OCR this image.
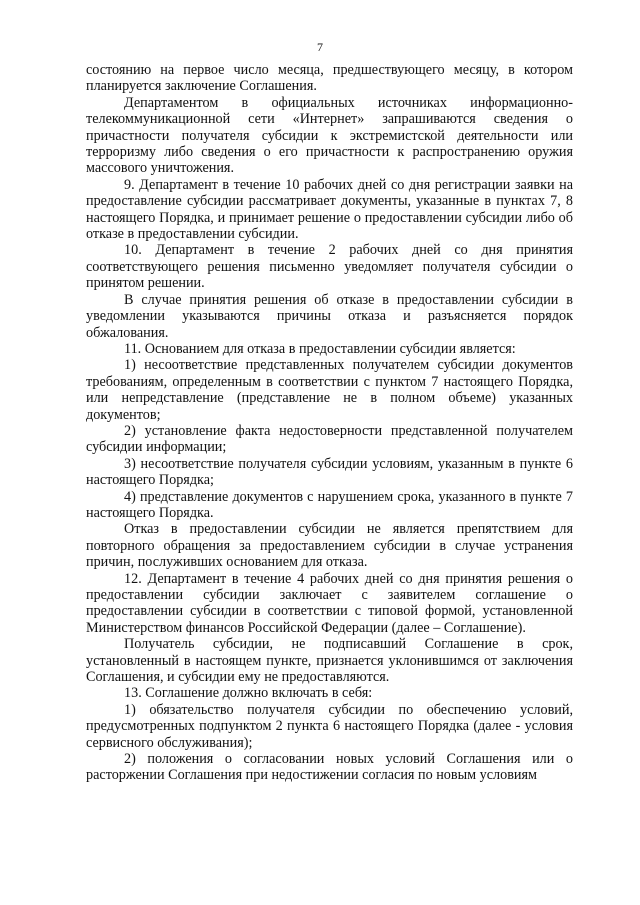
7

состоянию на первое число месяца, предшествующего месяцу, в котором планируется заключение Соглашения.

Департаментом в официальных источниках информационно-телекоммуникационной сети «Интернет» запрашиваются сведения о причастности получателя субсидии к экстремистской деятельности или терроризму либо сведения о его причастности к распространению оружия массового уничтожения.

9. Департамент в течение 10 рабочих дней со дня регистрации заявки на предоставление субсидии рассматривает документы, указанные в пунктах 7, 8 настоящего Порядка, и принимает решение о предоставлении субсидии либо об отказе в предоставлении субсидии.

10. Департамент в течение 2 рабочих дней со дня принятия соответствующего решения письменно уведомляет получателя субсидии о принятом решении.

В случае принятия решения об отказе в предоставлении субсидии в уведомлении указываются причины отказа и разъясняется порядок обжалования.

11. Основанием для отказа в предоставлении субсидии является:

1) несоответствие представленных получателем субсидии документов требованиям, определенным в соответствии с пунктом 7 настоящего Порядка, или непредставление (представление не в полном объеме) указанных документов;

2) установление факта недостоверности представленной получателем субсидии информации;

3) несоответствие получателя субсидии условиям, указанным в пункте 6 настоящего Порядка;

4) представление документов с нарушением срока, указанного в пункте 7 настоящего Порядка.

Отказ в предоставлении субсидии не является препятствием для повторного обращения за предоставлением субсидии в случае устранения причин, послуживших основанием для отказа.

12. Департамент в течение 4 рабочих дней со дня принятия решения о предоставлении субсидии заключает с заявителем соглашение о предоставлении субсидии в соответствии с типовой формой, установленной Министерством финансов Российской Федерации (далее – Соглашение).

Получатель субсидии, не подписавший Соглашение в срок, установленный в настоящем пункте, признается уклонившимся от заключения Соглашения, и субсидии ему не предоставляются.

13. Соглашение должно включать в себя:

1) обязательство получателя субсидии по обеспечению условий, предусмотренных подпунктом 2 пункта 6 настоящего Порядка (далее - условия сервисного обслуживания);

2) положения о согласовании новых условий Соглашения или о расторжении Соглашения при недостижении согласия по новым условиям
